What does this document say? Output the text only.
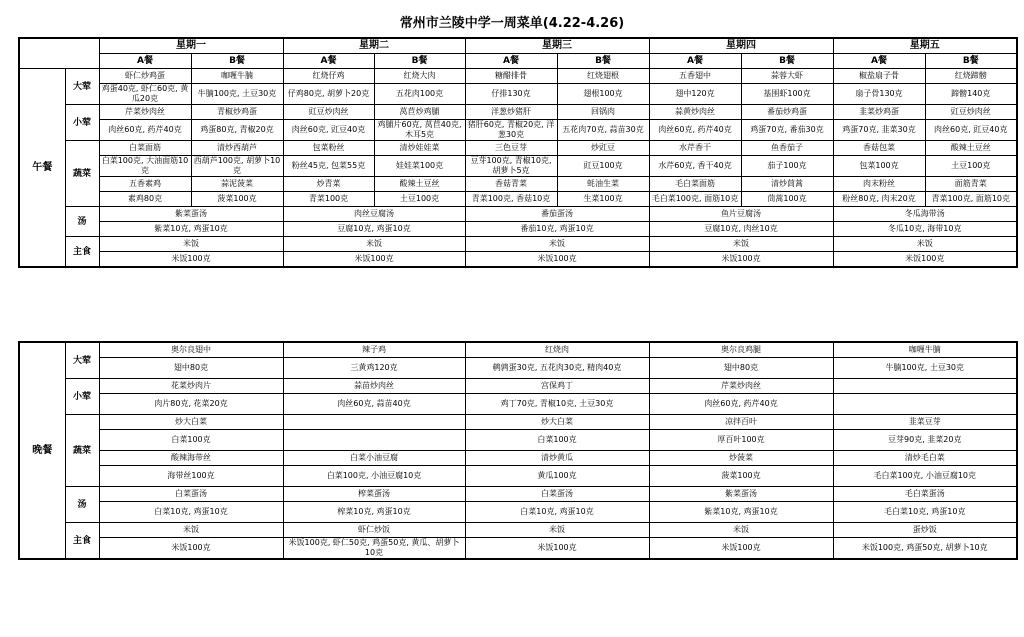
常州市兰陵中学一周菜单(4.22-4.26)
		星期一		星期二		星期三		星期四		星期五	
		A餐	B餐	A餐	B餐	A餐	B餐	A餐	B餐	A餐	B餐
午餐	大荤	虾仁炒鸡蛋	咖喱牛腩	红烧仔鸡	红烧大肉	糖醋排骨	红烧翅根	五香翅中	蒜蓉大虾	椒盐扇子骨	红烧蹄髈
		鸡蛋40克, 虾仁60克, 黄瓜20克	牛腩100克, 土豆30克	仔鸡80克, 胡萝卜20克	五花肉100克	仔排130克	翅根100克	翅中120克	基围虾100克	扇子骨130克	蹄髈140克
	小荤	芹菜炒肉丝	青椒炒鸡蛋	豇豆炒肉丝	莴苣炒鸡脯	洋葱炒猪肝	回锅肉	蒜黄炒肉丝	番茄炒鸡蛋	韭菜炒鸡蛋	豇豆炒肉丝
		肉丝60克, 药芹40克	鸡蛋80克, 青椒20克	肉丝60克, 豇豆40克	鸡脯片60克, 莴苣40克, 木耳5克	猪肝60克, 青椒20克, 洋葱30克	五花肉70克, 蒜苗30克	肉丝60克, 药芹40克	鸡蛋70克, 番茄30克	鸡蛋70克, 韭菜30克	肉丝60克, 豇豆40克
	蔬菜	白菜面筋	清炒西葫芦	包菜粉丝	清炒娃娃菜	三色豆芽	炒豇豆	水芹香干	鱼香茄子	香菇包菜	酸辣土豆丝
		白菜100克, 大油面筋10克	西葫芦100克, 胡萝卜10克	粉丝45克, 包菜55克	娃娃菜100克	豆芽100克, 青椒10克, 胡萝卜5克	豇豆100克	水芹60克, 香干40克	茄子100克	包菜100克	土豆100克
		五香素鸡	蒜泥菠菜	炒青菜	酸辣土豆丝	香菇青菜	蚝油生菜	毛白菜面筋	清炒茼蒿	肉末粉丝	面筋青菜
		素鸡80克	菠菜100克	青菜100克	土豆100克	青菜100克, 香菇10克	生菜100克	毛白菜100克, 面筋10克	茼蒿100克	粉丝80克, 肉末20克	青菜100克, 面筋10克
	汤	紫菜蛋汤		肉丝豆腐汤		番茄蛋汤		鱼片豆腐汤		冬瓜海带汤	
		紫菜10克, 鸡蛋10克		豆腐10克, 鸡蛋10克		番茄10克, 鸡蛋10克		豆腐10克, 肉丝10克		冬瓜10克, 海带10克	
	主食	米饭		米饭		米饭		米饭		米饭	
		米饭100克		米饭100克		米饭100克		米饭100克		米饭100克	
晚餐	大荤	奥尔良翅中	辣子鸡	红烧肉	奥尔良鸡腿	咖喱牛腩
		翅中80克	三黄鸡120克	鹌鹑蛋30克, 五花肉30克, 精肉40克	翅中80克	牛腩100克, 土豆30克
	小荤	花菜炒肉片	蒜苗炒肉丝	宫保鸡丁	芹菜炒肉丝	
		肉片80克, 花菜20克	肉丝60克, 蒜苗40克	鸡丁70克, 青椒10克, 土豆30克	肉丝60克, 药芹40克	
	蔬菜	炒大白菜		炒大白菜	凉拌百叶	韭菜豆芽
		白菜100克		白菜100克	厚百叶100克	豆芽90克, 韭菜20克
		酸辣海带丝	白菜小油豆腐	清炒黄瓜	炒菠菜	清炒毛白菜
		海带丝100克	白菜100克, 小油豆腐10克	黄瓜100克	菠菜100克	毛白菜100克, 小油豆腐10克
	汤	白菜蛋汤	榨菜蛋汤	白菜蛋汤	紫菜蛋汤	毛白菜蛋汤
		白菜10克, 鸡蛋10克	榨菜10克, 鸡蛋10克	白菜10克, 鸡蛋10克	紫菜10克, 鸡蛋10克	毛白菜10克, 鸡蛋10克
	主食	米饭	虾仁炒饭	米饭	米饭	蛋炒饭
		米饭100克	米饭100克, 虾仁50克, 鸡蛋50克, 黄瓜、胡萝卜10克	米饭100克	米饭100克	米饭100克, 鸡蛋50克, 胡萝卜10克
